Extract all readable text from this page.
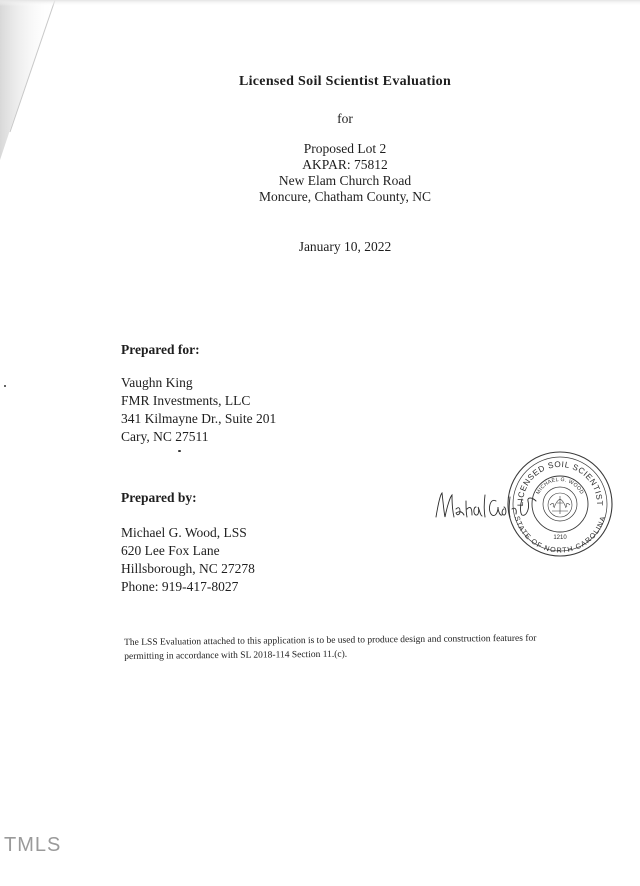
Licensed Soil Scientist Evaluation
for
Proposed Lot 2
AKPAR: 75812
New Elam Church Road
Moncure, Chatham County, NC
January 10, 2022
Prepared for:
Vaughn King
FMR Investments, LLC
341 Kilmayne Dr., Suite 201
Cary, NC 27511
Prepared by:
Michael G. Wood, LSS
620 Lee Fox Lane
Hillsborough, NC 27278
Phone: 919-417-8027
LICENSED SOIL SCIENTIST
STATE OF NORTH CAROLINA
MICHAEL G. WOOD
1210
The LSS Evaluation attached to this application is to be used to produce design and construction features for
permitting in accordance with SL 2018-114 Section 11.(c).
TMLS
